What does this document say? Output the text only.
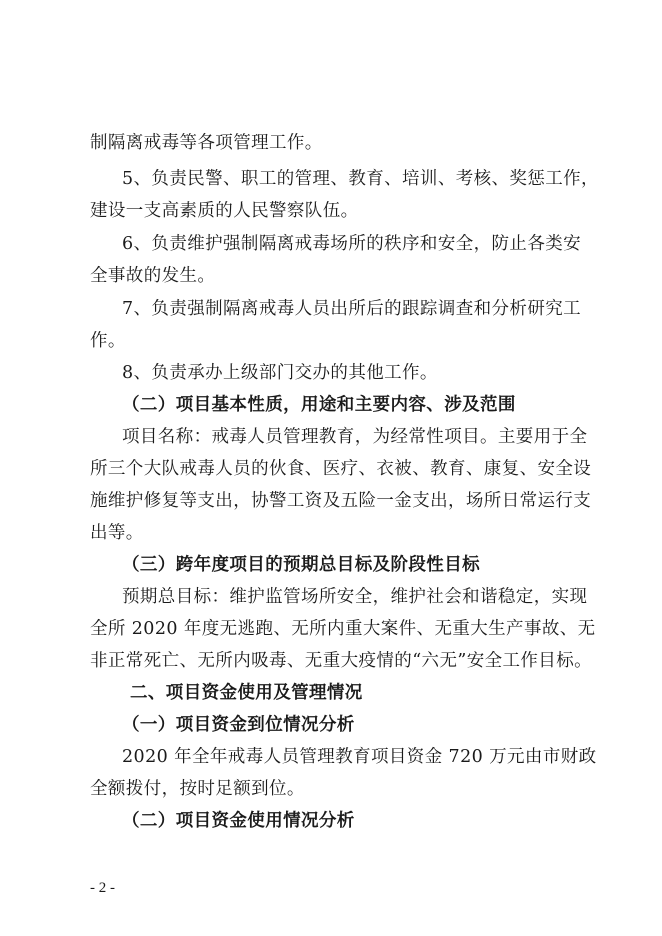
制隔离戒毒等各项管理工作。
5、负责民警、职工的管理、教育、培训、考核、奖惩工作，
建设一支高素质的人民警察队伍。
6、负责维护强制隔离戒毒场所的秩序和安全，防止各类安
全事故的发生。
7、负责强制隔离戒毒人员出所后的跟踪调查和分析研究工
作。
8、负责承办上级部门交办的其他工作。
（二）项目基本性质，用途和主要内容、涉及范围
项目名称：戒毒人员管理教育，为经常性项目。主要用于全
所三个大队戒毒人员的伙食、医疗、衣被、教育、康复、安全设
施维护修复等支出，协警工资及五险一金支出，场所日常运行支
出等。
（三）跨年度项目的预期总目标及阶段性目标
预期总目标：维护监管场所安全，维护社会和谐稳定，实现
全所 2020 年度无逃跑、无所内重大案件、无重大生产事故、无
非正常死亡、无所内吸毒、无重大疫情的“六无”安全工作目标。
二、项目资金使用及管理情况
（一）项目资金到位情况分析
2020 年全年戒毒人员管理教育项目资金 720 万元由市财政
全额拨付，按时足额到位。
（二）项目资金使用情况分析
- 2 -
